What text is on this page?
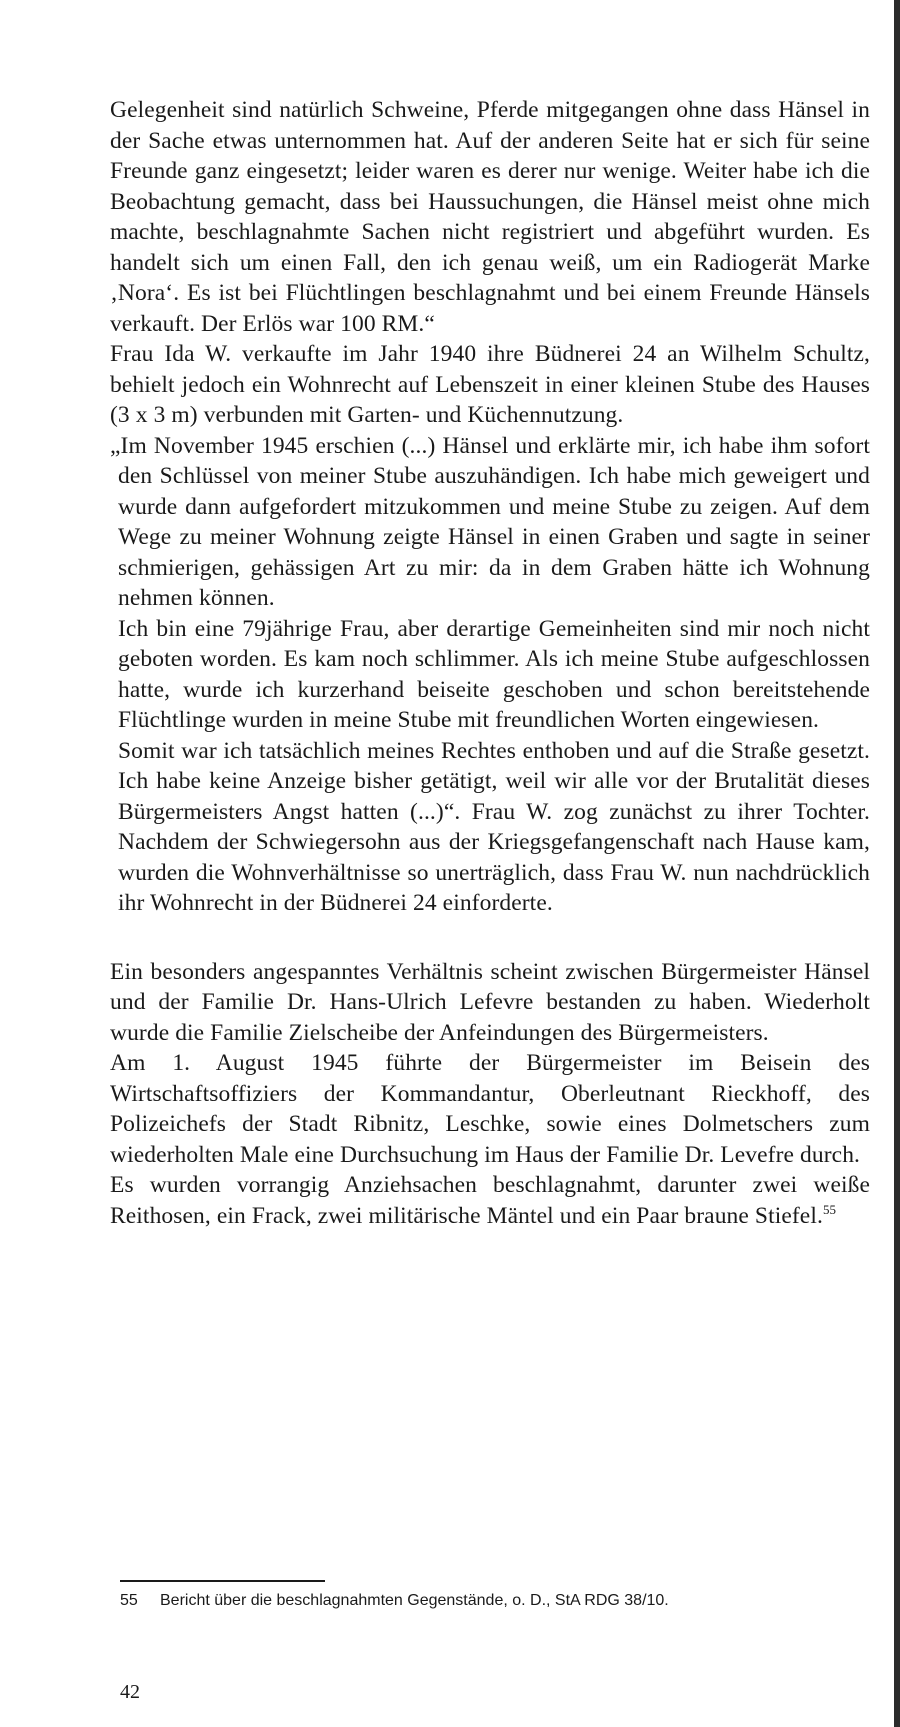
Gelegenheit sind natürlich Schweine, Pferde mitgegangen ohne dass Hänsel in der Sache etwas unternommen hat. Auf der anderen Seite hat er sich für seine Freunde ganz eingesetzt; leider waren es derer nur wenige. Weiter habe ich die Beobachtung gemacht, dass bei Haussuchungen, die Hänsel meist ohne mich machte, beschlagnahmte Sachen nicht registriert und abgeführt wurden. Es handelt sich um einen Fall, den ich genau weiß, um ein Radiogerät Marke ‚Nora‘. Es ist bei Flüchtlingen beschlagnahmt und bei einem Freunde Hänsels verkauft. Der Erlös war 100 RM.“

Frau Ida W. verkaufte im Jahr 1940 ihre Büdnerei 24 an Wilhelm Schultz, behielt jedoch ein Wohnrecht auf Lebenszeit in einer kleinen Stube des Hauses (3 x 3 m) verbunden mit Garten- und Küchennutzung.

„Im November 1945 erschien (...) Hänsel und erklärte mir, ich habe ihm sofort den Schlüssel von meiner Stube auszuhändigen. Ich habe mich geweigert und wurde dann aufgefordert mitzukommen und meine Stube zu zeigen. Auf dem Wege zu meiner Wohnung zeigte Hänsel in einen Graben und sagte in seiner schmierigen, gehässigen Art zu mir: da in dem Graben hätte ich Wohnung nehmen können.

Ich bin eine 79jährige Frau, aber derartige Gemeinheiten sind mir noch nicht geboten worden. Es kam noch schlimmer. Als ich meine Stube aufgeschlossen hatte, wurde ich kurzerhand beiseite geschoben und schon bereitstehende Flüchtlinge wurden in meine Stube mit freundlichen Worten eingewiesen.

Somit war ich tatsächlich meines Rechtes enthoben und auf die Straße gesetzt. Ich habe keine Anzeige bisher getätigt, weil wir alle vor der Brutalität dieses Bürgermeisters Angst hatten (...)“. Frau W. zog zunächst zu ihrer Tochter. Nachdem der Schwiegersohn aus der Kriegsgefangenschaft nach Hause kam, wurden die Wohnverhältnisse so unerträglich, dass Frau W. nun nachdrücklich ihr Wohnrecht in der Büdnerei 24 einforderte.

Ein besonders angespanntes Verhältnis scheint zwischen Bürgermeister Hänsel und der Familie Dr. Hans-Ulrich Lefevre bestanden zu haben. Wiederholt wurde die Familie Zielscheibe der Anfeindungen des Bürgermeisters.

Am 1. August 1945 führte der Bürgermeister im Beisein des Wirtschaftsoffiziers der Kommandantur, Oberleutnant Rieckhoff, des Polizeichefs der Stadt Ribnitz, Leschke, sowie eines Dolmetschers zum wiederholten Male eine Durchsuchung im Haus der Familie Dr. Levefre durch.

Es wurden vorrangig Anziehsachen beschlagnahmt, darunter zwei weiße Reithosen, ein Frack, zwei militärische Mäntel und ein Paar braune Stiefel.$^{55}$

55 Bericht über die beschlagnahmten Gegenstände, o. D., StA RDG 38/10.
42
